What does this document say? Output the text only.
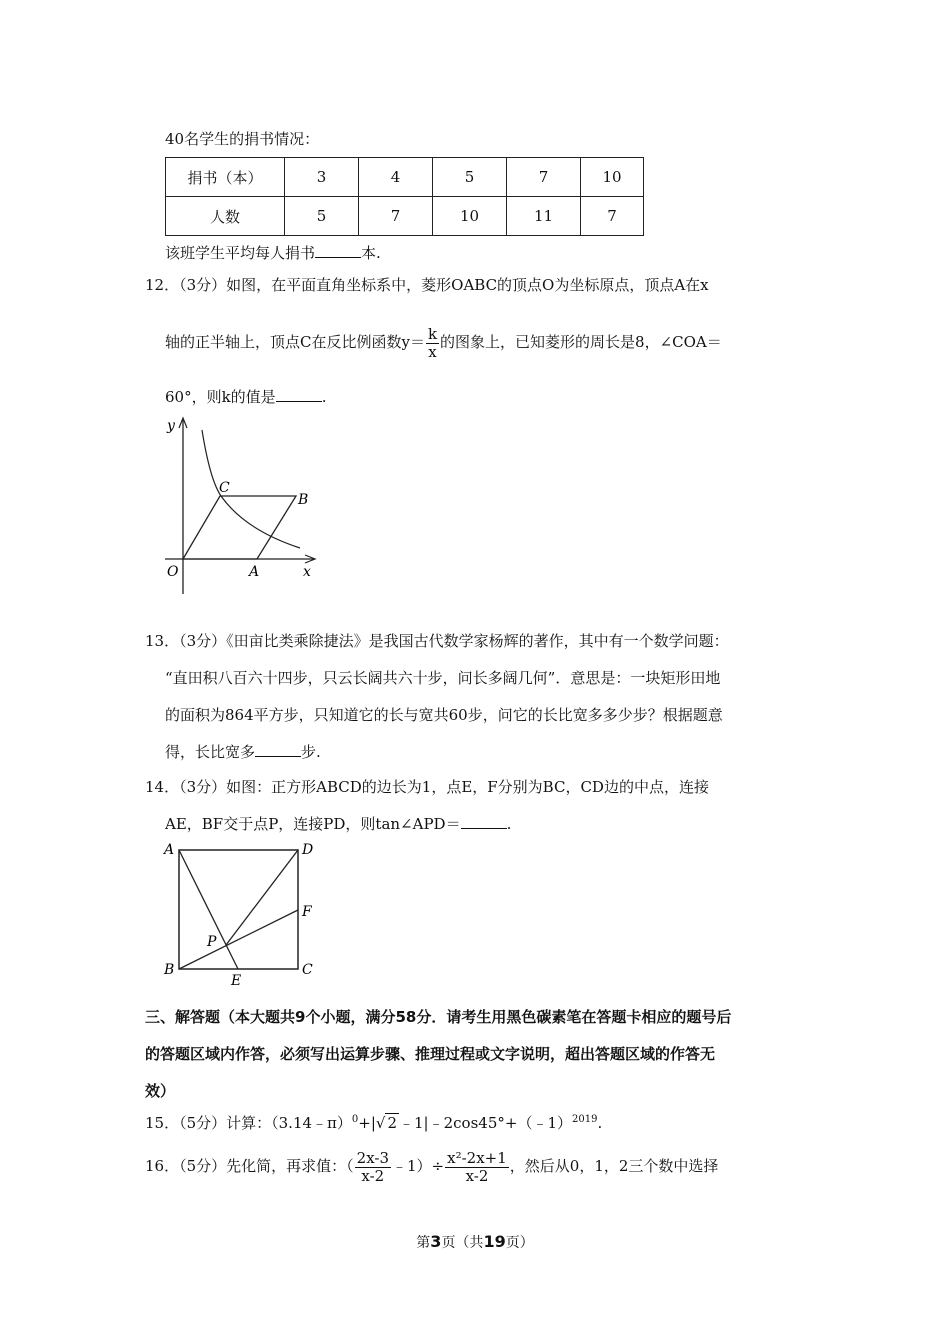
40名学生的捐书情况：
捐书（本）	3	4	5	7	10
人数	5	7	10	11	7
该班学生平均每人捐书	本.
12．（3分）如图，在平面直角坐标系中，菱形OABC的顶点O为坐标原点，顶点A在x
轴的正半轴上，顶点C在反比例函数$y= \frac{k}{x}$ 的图象上，已知菱形的周长是8，∠COA＝
60°，则k的值是	.
y
x
O	A
B
C
13．（3分）《田亩比类乘除捷法》是我国古代数学家杨辉的著作，其中有一个数学问题：
“直田积八百六十四步，只云长阔共六十步，问长多阔几何”．意思是：一块矩形田地
的面积为864平方步，只知道它的长与宽共60步，问它的长比宽多多少步？根据题意
得，长比宽多	步.
14．（3分）如图：正方形ABCD的边长为1，点E，F分别为BC，CD边的中点，连接
AE，BF交于点P，连接PD，则tan∠APD＝	.
A	D
F
B	C
E
P
三、解答题（本大题共9个小题，满分58分．请考生用黑色碳素笔在答题卡相应的题号后
的答题区域内作答，必须写出运算步骤、推理过程或文字说明，超出答题区域的作答无
效）
15．（5分）计算：（3.14﹣π）$^0$+|√ 2 ﹣1|﹣2cos45°+（﹣1）$^{2019}$.
16．（5分）先化简，再求值：（ $\frac{2x-3}{x-2}$ ﹣1）÷ $\frac{\text{x²-2x+1}}{x-2}$ ，然后从0，1，2三个数中选择
第3页（共19页）
